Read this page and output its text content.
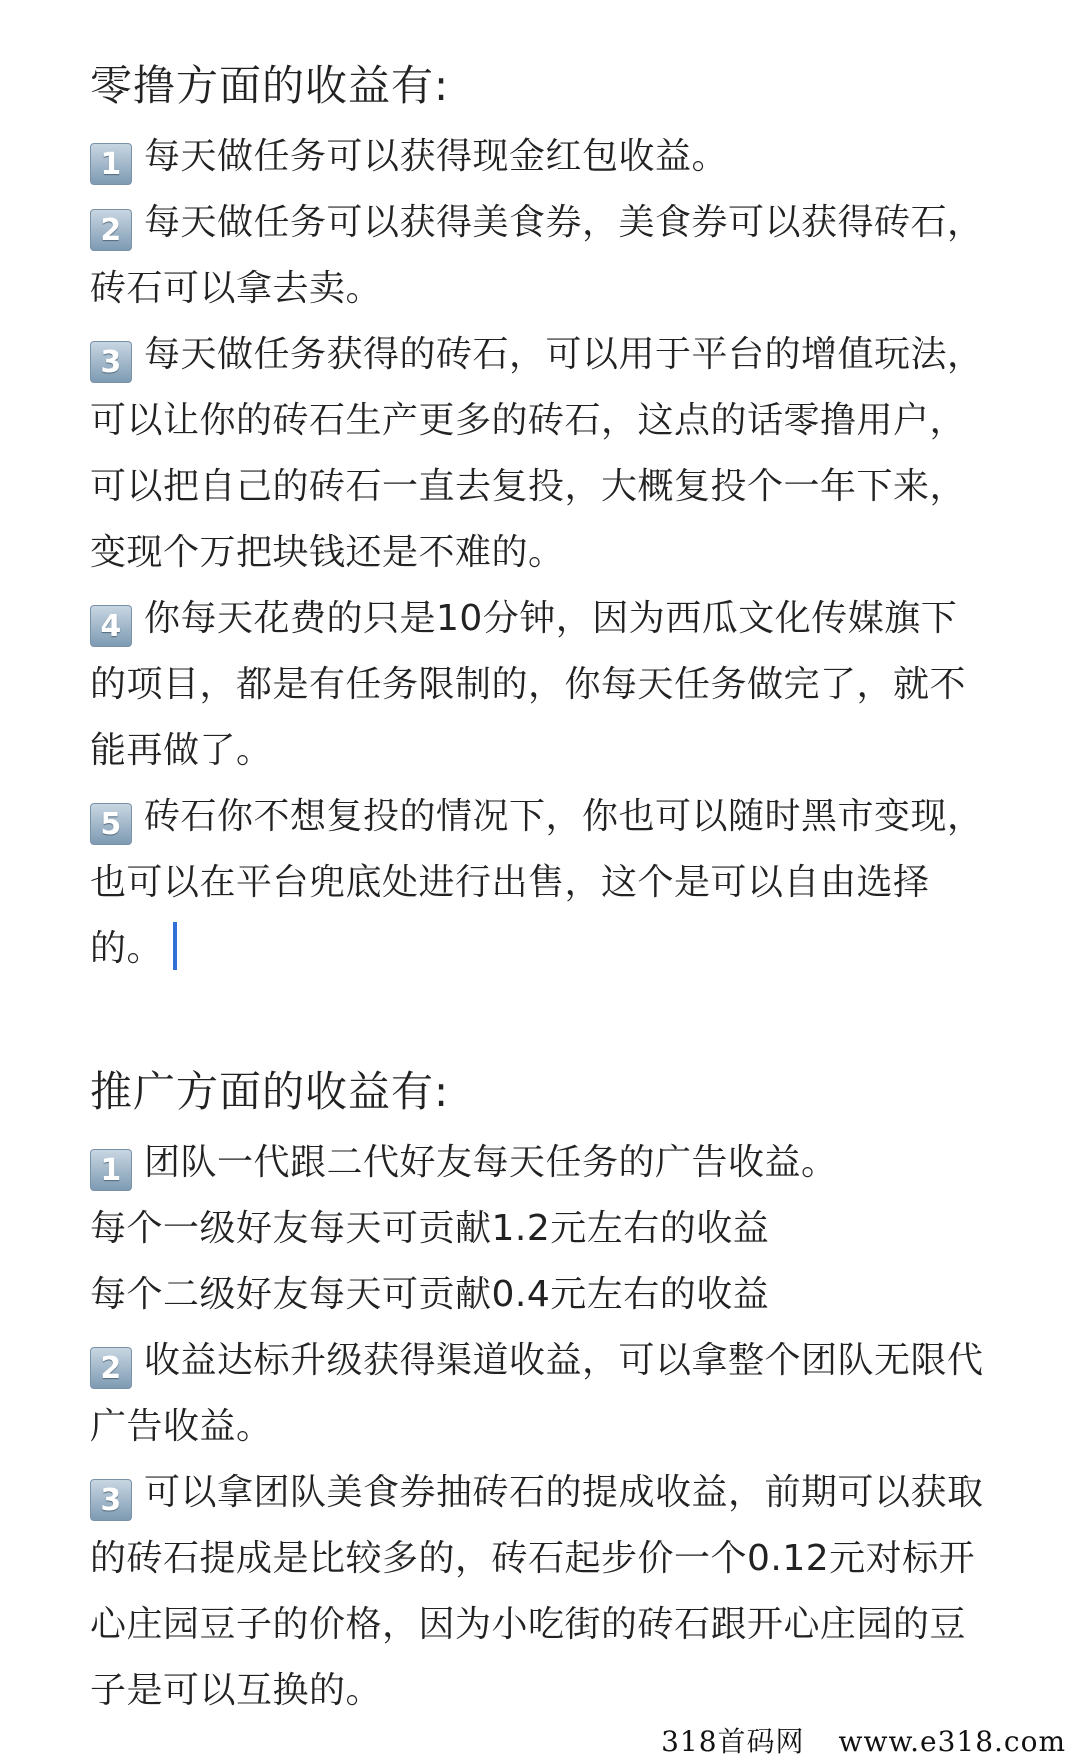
零撸方面的收益有:
1 每天做任务可以获得现金红包收益。
2 每天做任务可以获得美食券，美食券可以获得砖石，
砖石可以拿去卖。
3 每天做任务获得的砖石，可以用于平台的增值玩法，
可以让你的砖石生产更多的砖石，这点的话零撸用户，
可以把自己的砖石一直去复投，大概复投个一年下来，
变现个万把块钱还是不难的。
4 你每天花费的只是10分钟，因为西瓜文化传媒旗下
的项目，都是有任务限制的，你每天任务做完了，就不
能再做了。
5 砖石你不想复投的情况下，你也可以随时黑市变现，
也可以在平台兜底处进行出售，这个是可以自由选择
的。
推广方面的收益有:
1 团队一代跟二代好友每天任务的广告收益。
每个一级好友每天可贡献1.2元左右的收益
每个二级好友每天可贡献0.4元左右的收益
2 收益达标升级获得渠道收益，可以拿整个团队无限代
广告收益。
3 可以拿团队美食券抽砖石的提成收益，前期可以获取
的砖石提成是比较多的，砖石起步价一个0.12元对标开
心庄园豆子的价格，因为小吃街的砖石跟开心庄园的豆
子是可以互换的。
318首码网 www.e318.com
